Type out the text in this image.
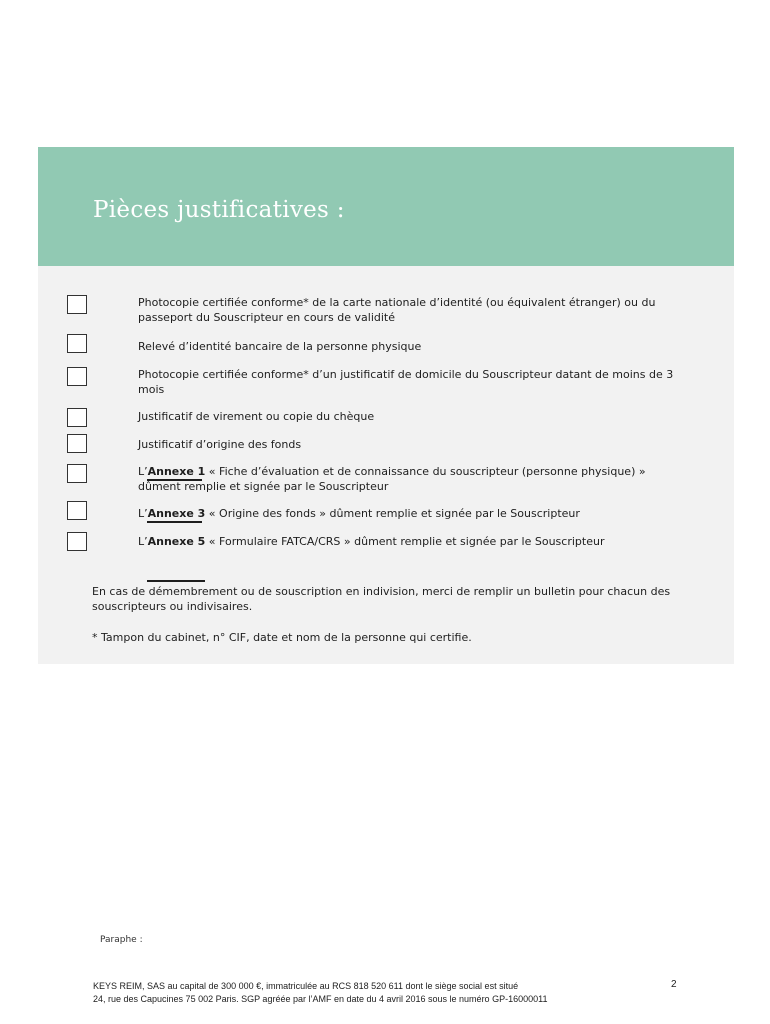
Pièces justificatives :
Photocopie certifiée conforme* de la carte nationale d’identité (ou équivalent étranger) ou du passeport du Souscripteur en cours de validité
Relevé d’identité bancaire de la personne physique
Photocopie certifiée conforme* d’un justificatif de domicile du Souscripteur datant de moins de 3 mois
Justificatif de virement ou copie du chèque
Justificatif d’origine des fonds
L’Annexe 1 « Fiche d’évaluation et de connaissance du souscripteur (personne physique) » dûment remplie et signée par le Souscripteur
L’Annexe 3 « Origine des fonds » dûment remplie et signée par le Souscripteur
L’Annexe 5 « Formulaire FATCA/CRS » dûment remplie et signée par le Souscripteur
En cas de démembrement ou de souscription en indivision, merci de remplir un bulletin pour chacun des souscripteurs ou indivisaires.
* Tampon du cabinet, n° CIF, date et nom de la personne qui certifie.
Paraphe :
KEYS REIM, SAS au capital de 300 000 €, immatriculée au RCS 818 520 611 dont le siège social est situé
24, rue des Capucines 75 002 Paris. SGP agréée par l’AMF en date du 4 avril 2016 sous le numéro GP-16000011
2
